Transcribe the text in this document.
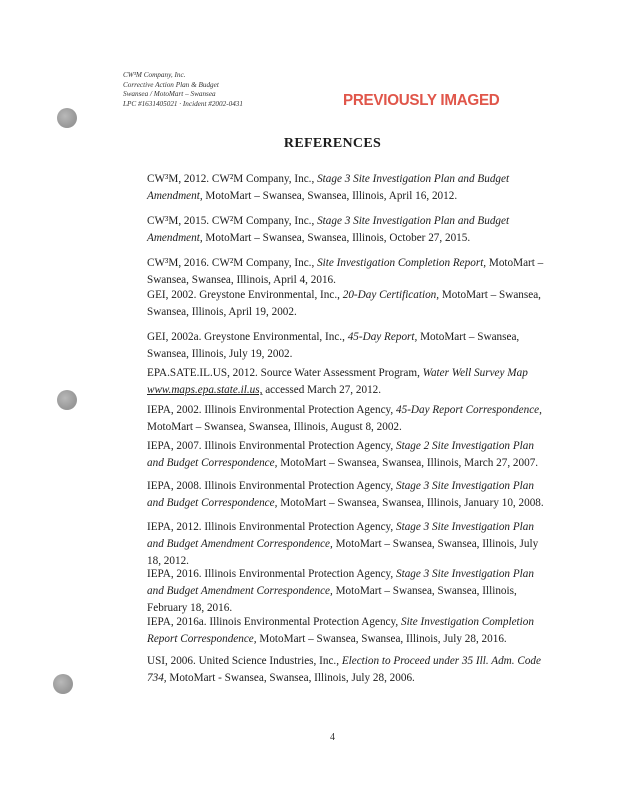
CW³M Company, Inc.
Corrective Action Plan & Budget
Swansea / MotoMart – Swansea
LPC #1631405021 · Incident #2002-0431	PREVIOUSLY IMAGED
REFERENCES
CW³M, 2012. CW²M Company, Inc., Stage 3 Site Investigation Plan and Budget Amendment, MotoMart – Swansea, Swansea, Illinois, April 16, 2012.
CW³M, 2015. CW²M Company, Inc., Stage 3 Site Investigation Plan and Budget Amendment, MotoMart – Swansea, Swansea, Illinois, October 27, 2015.
CW³M, 2016. CW²M Company, Inc., Site Investigation Completion Report, MotoMart – Swansea, Swansea, Illinois, April 4, 2016.
GEI, 2002. Greystone Environmental, Inc., 20-Day Certification, MotoMart – Swansea, Swansea, Illinois, April 19, 2002.
GEI, 2002a. Greystone Environmental, Inc., 45-Day Report, MotoMart – Swansea, Swansea, Illinois, July 19, 2002.
EPA.SATE.IL.US, 2012. Source Water Assessment Program, Water Well Survey Map
www.maps.epa.state.il.us, accessed March 27, 2012.
IEPA, 2002. Illinois Environmental Protection Agency, 45-Day Report Correspondence, MotoMart – Swansea, Swansea, Illinois, August 8, 2002.
IEPA, 2007. Illinois Environmental Protection Agency, Stage 2 Site Investigation Plan and Budget Correspondence, MotoMart – Swansea, Swansea, Illinois, March 27, 2007.
IEPA, 2008. Illinois Environmental Protection Agency, Stage 3 Site Investigation Plan and Budget Correspondence, MotoMart – Swansea, Swansea, Illinois, January 10, 2008.
IEPA, 2012. Illinois Environmental Protection Agency, Stage 3 Site Investigation Plan and Budget Amendment Correspondence, MotoMart – Swansea, Swansea, Illinois, July 18, 2012.
IEPA, 2016. Illinois Environmental Protection Agency, Stage 3 Site Investigation Plan and Budget Amendment Correspondence, MotoMart – Swansea, Swansea, Illinois, February 18, 2016.
IEPA, 2016a. Illinois Environmental Protection Agency, Site Investigation Completion Report Correspondence, MotoMart – Swansea, Swansea, Illinois, July 28, 2016.
USI, 2006. United Science Industries, Inc., Election to Proceed under 35 Ill. Adm. Code 734, MotoMart - Swansea, Swansea, Illinois, July 28, 2006.
4
